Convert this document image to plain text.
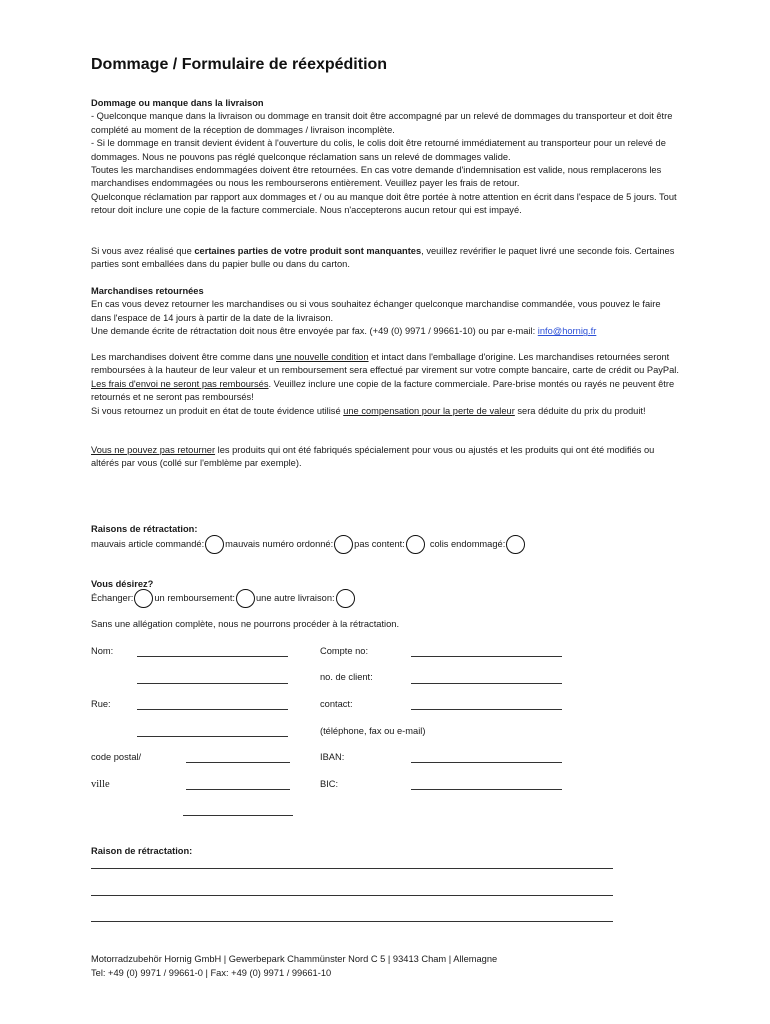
Dommage / Formulaire de réexpédition

Dommage ou manque dans la livraison

- Quelconque manque dans la livraison ou dommage en transit doit être accompagné par un relevé de dommages du transporteur et doit être complété au moment de la réception de dommages / livraison incomplète.

- Si le dommage en transit devient évident à l'ouverture du colis, le colis doit être retourné immédiatement au transporteur pour un relevé de dommages. Nous ne pouvons pas réglé quelconque réclamation sans un relevé de dommages valide.

Toutes les marchandises endommagées doivent être retournées. En cas votre demande d'indemnisation est valide, nous remplacerons les marchandises endommagées ou nous les rembourserons entièrement. Veuillez payer les frais de retour.

Quelconque réclamation par rapport aux dommages et / ou au manque doit être portée à notre attention en écrit dans l'espace de 5 jours. Tout retour doit inclure une copie de la facture commerciale. Nous n'accepterons aucun retour qui est impayé.

Si vous avez réalisé que certaines parties de votre produit sont manquantes, veuillez revérifier le paquet livré une seconde fois. Certaines parties sont emballées dans du papier bulle ou dans du carton.

Marchandises retournées

En cas vous devez retourner les marchandises ou si vous souhaitez échanger quelconque marchandise commandée, vous pouvez le faire dans l'espace de 14 jours à partir de la date de la livraison.

Une demande écrite de rétractation doit nous être envoyée par fax. (+49 (0) 9971 / 99661-10) ou par e-mail: info@hornig.fr

Les marchandises doivent être comme dans une nouvelle condition et intact dans l'emballage d'origine. Les marchandises retournées seront remboursées à la hauteur de leur valeur et un remboursement sera effectué par virement sur votre compte bancaire, carte de crédit ou PayPal. Les frais d'envoi ne seront pas remboursés. Veuillez inclure une copie de la facture commerciale. Pare-brise montés ou rayés ne peuvent être retournés et ne seront pas remboursés!

Si vous retournez un produit en état de toute évidence utilisé une compensation pour la perte de valeur sera déduite du prix du produit!

Vous ne pouvez pas retourner les produits qui ont été fabriqués spécialement pour vous ou ajustés et les produits qui ont été modifiés ou altérés par vous (collé sur l'emblème par exemple).

Raisons de rétractation:
mauvais article commandé: mauvais numéro ordonné: pas content:	colis endommagé:
Vous désirez?
Échanger: un remboursement: une autre livraison:
Sans une allégation complète, nous ne pourrons procéder à la rétractation.
Nom:
Rue:
code postal/
ville
Compte no:
no. de client:
contact:
(téléphone, fax ou e-mail)
IBAN:
BIC:
Raison de rétractation:
Motorradzubehör Hornig GmbH | Gewerbepark Chammünster Nord C 5 | 93413 Cham | Allemagne
Tel: +49 (0) 9971 / 99661-0 | Fax: +49 (0) 9971 / 99661-10
